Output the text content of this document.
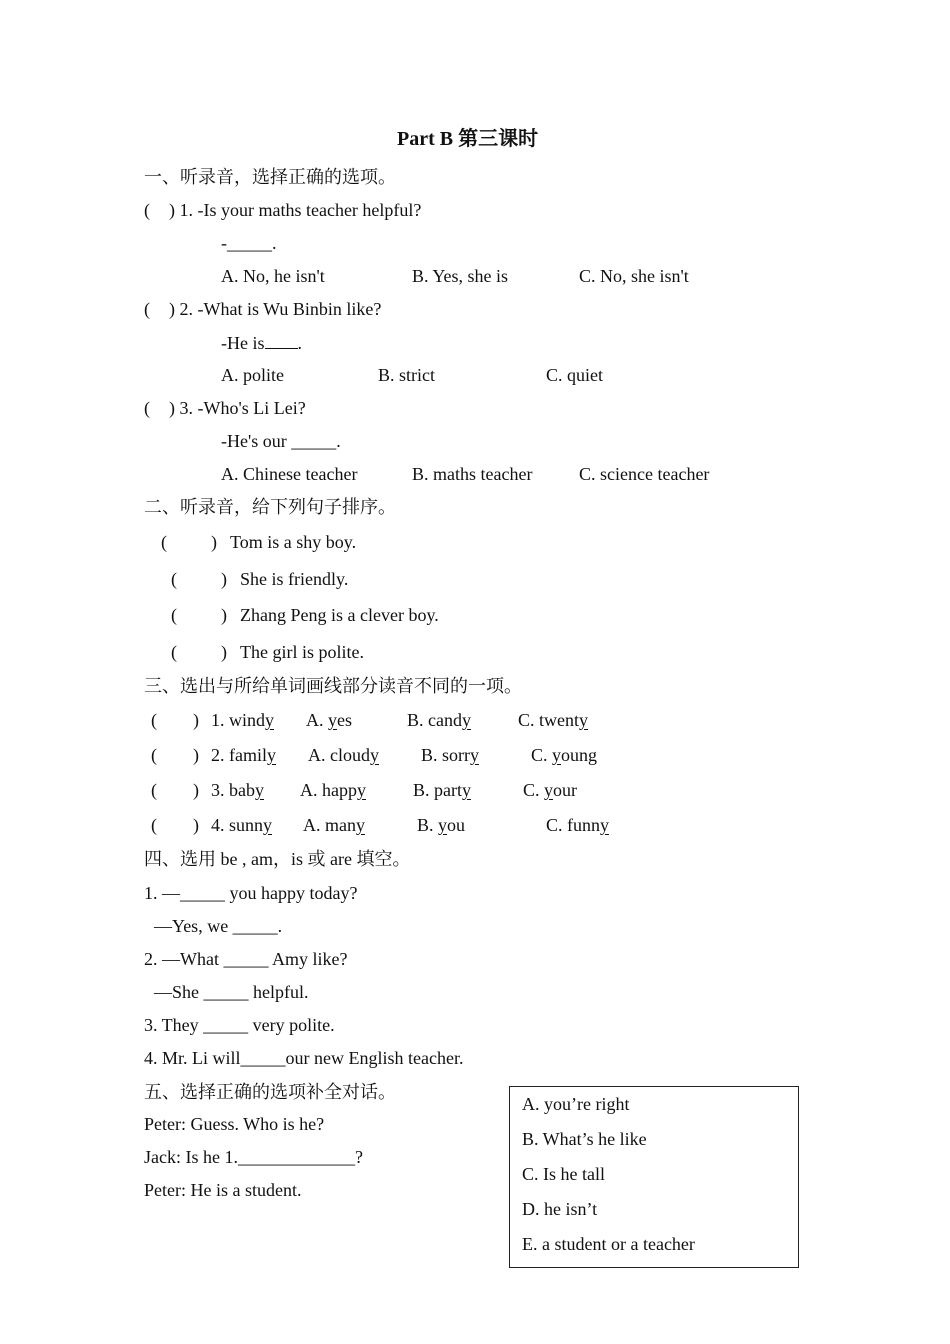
Part B 第三课时
一、听录音，选择正确的选项。
( ) 1. -Is your maths teacher helpful?
-_____.
A. No, he isn't	B. Yes, she is	C. No, she isn't
( ) 2. -What is Wu Binbin like?
-He is .
A. polite	B. strict	C. quiet
( ) 3. -Who's Li Lei?
-He's our _____.
A. Chinese teacher	B. maths teacher	C. science teacher
二、听录音，给下列句子排序。
( ) Tom is a shy boy.
( ) She is friendly.
( ) Zhang Peng is a clever boy.
( ) The girl is polite.
三、选出与所给单词画线部分读音不同的一项。
( ) 1. windy A. yes	B. candy	C. twenty
( ) 2. family A. cloudy B. sorry	C. young
( ) 3. baby A. happy	B. party	C. your
( ) 4. sunny A. many	B. you	C. funny
四、选用 be , am，is 或 are 填空。
1. —_____ you happy today?
—Yes, we _____.
2. —What _____ Amy like?
—She _____ helpful.
3. They _____ very polite.
4. Mr. Li will_____our new English teacher.
五、选择正确的选项补全对话。
Peter: Guess. Who is he?
Jack: Is he 1._____________?
Peter: He is a student.
A. you’re right
B. What’s he like
C. Is he tall
D. he isn’t
E. a student or a teacher
